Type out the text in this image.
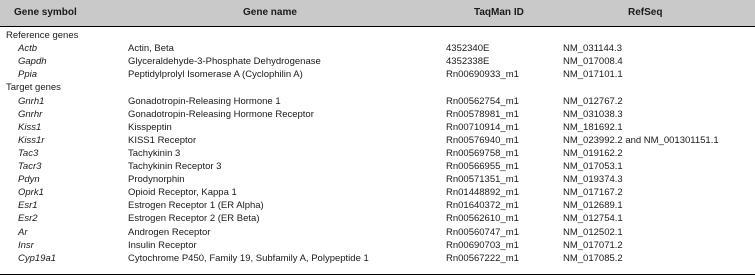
Gene symbol	Gene name	TaqMan ID	RefSeq
Reference genes
Actb	Actin, Beta	4352340E	NM_031144.3
Gapdh	Glyceraldehyde-3-Phosphate Dehydrogenase	4352338E	NM_017008.4
Ppia	Peptidylprolyl Isomerase A (Cyclophilin A)	Rn00690933_m1	NM_017101.1
Target genes
Gnrh1	Gonadotropin-Releasing Hormone 1	Rn00562754_m1	NM_012767.2
Gnrhr	Gonadotropin-Releasing Hormone Receptor	Rn00578981_m1	NM_031038.3
Kiss1	Kisspeptin	Rn00710914_m1	NM_181692.1
Kiss1r	KISS1 Receptor	Rn00576940_m1	NM_023992.2 and NM_001301151.1
Tac3	Tachykinin 3	Rn00569758_m1	NM_019162.2
Tacr3	Tachykinin Receptor 3	Rn00566955_m1	NM_017053.1
Pdyn	Prodynorphin	Rn00571351_m1	NM_019374.3
Oprk1	Opioid Receptor, Kappa 1	Rn01448892_m1	NM_017167.2
Esr1	Estrogen Receptor 1 (ER Alpha)	Rn01640372_m1	NM_012689.1
Esr2	Estrogen Receptor 2 (ER Beta)	Rn00562610_m1	NM_012754.1
Ar	Androgen Receptor	Rn00560747_m1	NM_012502.1
Insr	Insulin Receptor	Rn00690703_m1	NM_017071.2
Cyp19a1	Cytochrome P450, Family 19, Subfamily A, Polypeptide 1	Rn00567222_m1	NM_017085.2
